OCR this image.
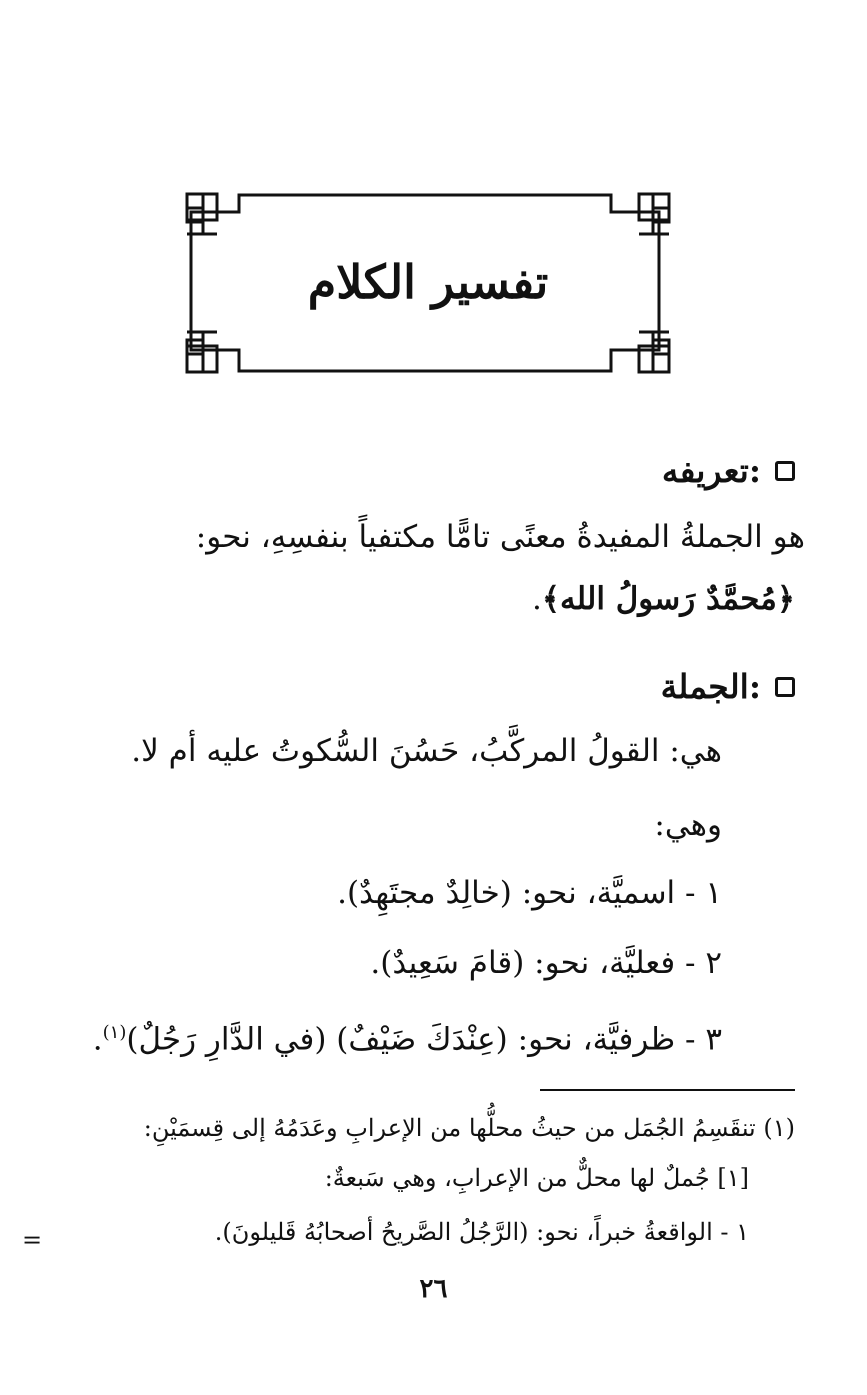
تفسير الكلام
تعريفه:
هو الجملةُ المفيدةُ معنًى تامًّا مكتفياً بنفسِهِ، نحو:
﴿مُحمَّدٌ رَسولُ الله﴾.
الجملة:
هي: القولُ المركَّبُ، حَسُنَ السُّكوتُ عليه أم لا.
وهي:
١ - اسميَّة، نحو: (خالِدٌ مجتَهِدٌ).
٢ - فعليَّة، نحو: (قامَ سَعِيدٌ).
٣ - ظرفيَّة، نحو: (عِنْدَكَ ضَيْفٌ) (في الدَّارِ رَجُلٌ)$^{(١)}$.
(١) تنقَسِمُ الجُمَل من حيثُ محلُّها من الإعرابِ وعَدَمُهُ إلى قِسمَيْنِ:
[١] جُملٌ لها محلٌّ من الإعرابِ، وهي سَبعةٌ:
١ - الواقعةُ خبراً، نحو: (الرَّجُلُ الصَّريحُ أصحابُهُ قَليلونَ).
=
٢٦
